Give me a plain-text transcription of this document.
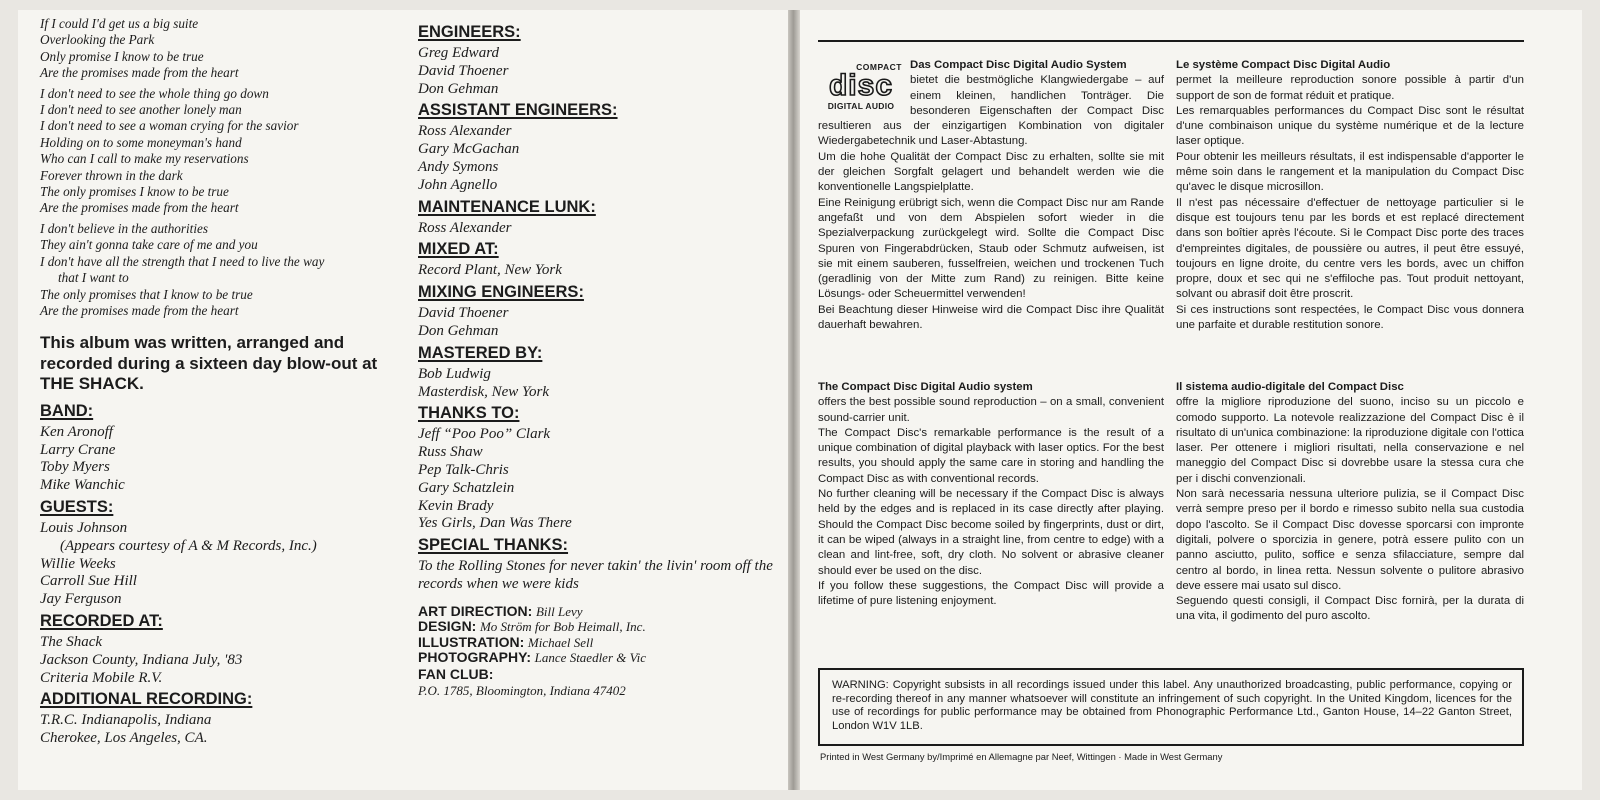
If I could I'd get us a big suite
Overlooking the Park
Only promise I know to be true
Are the promises made from the heart
I don't need to see the whole thing go down
I don't need to see another lonely man
I don't need to see a woman crying for the savior
Holding on to some moneyman's hand
Who can I call to make my reservations
Forever thrown in the dark
The only promises I know to be true
Are the promises made from the heart
I don't believe in the authorities
They ain't gonna take care of me and you
I don't have all the strength that I need to live the way
that I want to
The only promises that I know to be true
Are the promises made from the heart
This album was written, arranged and recorded during a sixteen day blow-out at THE SHACK.
BAND:
Ken Aronoff
Larry Crane
Toby Myers
Mike Wanchic
GUESTS:
Louis Johnson
(Appears courtesy of A & M Records, Inc.)
Willie Weeks
Carroll Sue Hill
Jay Ferguson
RECORDED AT:
The Shack
Jackson County, Indiana July, '83
Criteria Mobile R.V.
ADDITIONAL RECORDING:
T.R.C. Indianapolis, Indiana
Cherokee, Los Angeles, CA.
ENGINEERS:
Greg Edward
David Thoener
Don Gehman
ASSISTANT ENGINEERS:
Ross Alexander
Gary McGachan
Andy Symons
John Agnello
MAINTENANCE LUNK:
Ross Alexander
MIXED AT:
Record Plant, New York
MIXING ENGINEERS:
David Thoener
Don Gehman
MASTERED BY:
Bob Ludwig
Masterdisk, New York
THANKS TO:
Jeff “Poo Poo” Clark
Russ Shaw
Pep Talk-Chris
Gary Schatzlein
Kevin Brady
Yes Girls, Dan Was There
SPECIAL THANKS:
To the Rolling Stones for never takin' the livin' room off the records when we were kids
ART DIRECTION: Bill Levy
DESIGN: Mo Ström for Bob Heimall, Inc.
ILLUSTRATION: Michael Sell
PHOTOGRAPHY: Lance Staedler & Vic
FAN CLUB:
P.O. 1785, Bloomington, Indiana 47402
COMPACT
disc
DIGITAL AUDIO
Das Compact Disc Digital Audio System
bietet die bestmögliche Klangwiedergabe – auf einem kleinen, handlichen Tonträger. Die besonderen Eigenschaften der Compact Disc resultieren aus der einzigartigen Kombination von digitaler Wiedergabetechnik und Laser-Abtastung.
Um die hohe Qualität der Compact Disc zu erhalten, sollte sie mit der gleichen Sorgfalt gelagert und behandelt werden wie die konventionelle Langspielplatte.
Eine Reinigung erübrigt sich, wenn die Compact Disc nur am Rande angefaßt und von dem Abspielen sofort wieder in die Spezialverpackung zurückgelegt wird. Sollte die Compact Disc Spuren von Fingerabdrücken, Staub oder Schmutz aufweisen, ist sie mit einem sauberen, fusselfreien, weichen und trockenen Tuch (geradlinig von der Mitte zum Rand) zu reinigen. Bitte keine Lösungs- oder Scheuermittel verwenden!
Bei Beachtung dieser Hinweise wird die Compact Disc ihre Qualität dauerhaft bewahren.
Le système Compact Disc Digital Audio
permet la meilleure reproduction sonore possible à partir d'un support de son de format réduit et pratique.
Les remarquables performances du Compact Disc sont le résultat d'une combinaison unique du système numérique et de la lecture laser optique.
Pour obtenir les meilleurs résultats, il est indispensable d'apporter le même soin dans le rangement et la manipulation du Compact Disc qu'avec le disque microsillon.
Il n'est pas nécessaire d'effectuer de nettoyage particulier si le disque est toujours tenu par les bords et est replacé directement dans son boîtier après l'écoute. Si le Compact Disc porte des traces d'empreintes digitales, de poussière ou autres, il peut être essuyé, toujours en ligne droite, du centre vers les bords, avec un chiffon propre, doux et sec qui ne s'effiloche pas. Tout produit nettoyant, solvant ou abrasif doit être proscrit.
Si ces instructions sont respectées, le Compact Disc vous donnera une parfaite et durable restitution sonore.
The Compact Disc Digital Audio system
offers the best possible sound reproduction – on a small, convenient sound-carrier unit.
The Compact Disc's remarkable performance is the result of a unique combination of digital playback with laser optics. For the best results, you should apply the same care in storing and handling the Compact Disc as with conventional records.
No further cleaning will be necessary if the Compact Disc is always held by the edges and is replaced in its case directly after playing. Should the Compact Disc become soiled by fingerprints, dust or dirt, it can be wiped (always in a straight line, from centre to edge) with a clean and lint-free, soft, dry cloth. No solvent or abrasive cleaner should ever be used on the disc.
If you follow these suggestions, the Compact Disc will provide a lifetime of pure listening enjoyment.
Il sistema audio-digitale del Compact Disc
offre la migliore riproduzione del suono, inciso su un piccolo e comodo supporto. La notevole realizzazione del Compact Disc è il risultato di un'unica combinazione: la riproduzione digitale con l'ottica laser. Per ottenere i migliori risultati, nella conservazione e nel maneggio del Compact Disc si dovrebbe usare la stessa cura che per i dischi convenzionali.
Non sarà necessaria nessuna ulteriore pulizia, se il Compact Disc verrà sempre preso per il bordo e rimesso subito nella sua custodia dopo l'ascolto. Se il Compact Disc dovesse sporcarsi con impronte digitali, polvere o sporcizia in genere, potrà essere pulito con un panno asciutto, pulito, soffice e senza sfilacciature, sempre dal centro al bordo, in linea retta. Nessun solvente o pulitore abrasivo deve essere mai usato sul disco.
Seguendo questi consigli, il Compact Disc fornirà, per la durata di una vita, il godimento del puro ascolto.
WARNING: Copyright subsists in all recordings issued under this label. Any unauthorized broadcasting, public performance, copying or re-recording thereof in any manner whatsoever will constitute an infringement of such copyright. In the United Kingdom, licences for the use of recordings for public performance may be obtained from Phonographic Performance Ltd., Ganton House, 14–22 Ganton Street, London W1V 1LB.
Printed in West Germany by/Imprimé en Allemagne par Neef, Wittingen · Made in West Germany
